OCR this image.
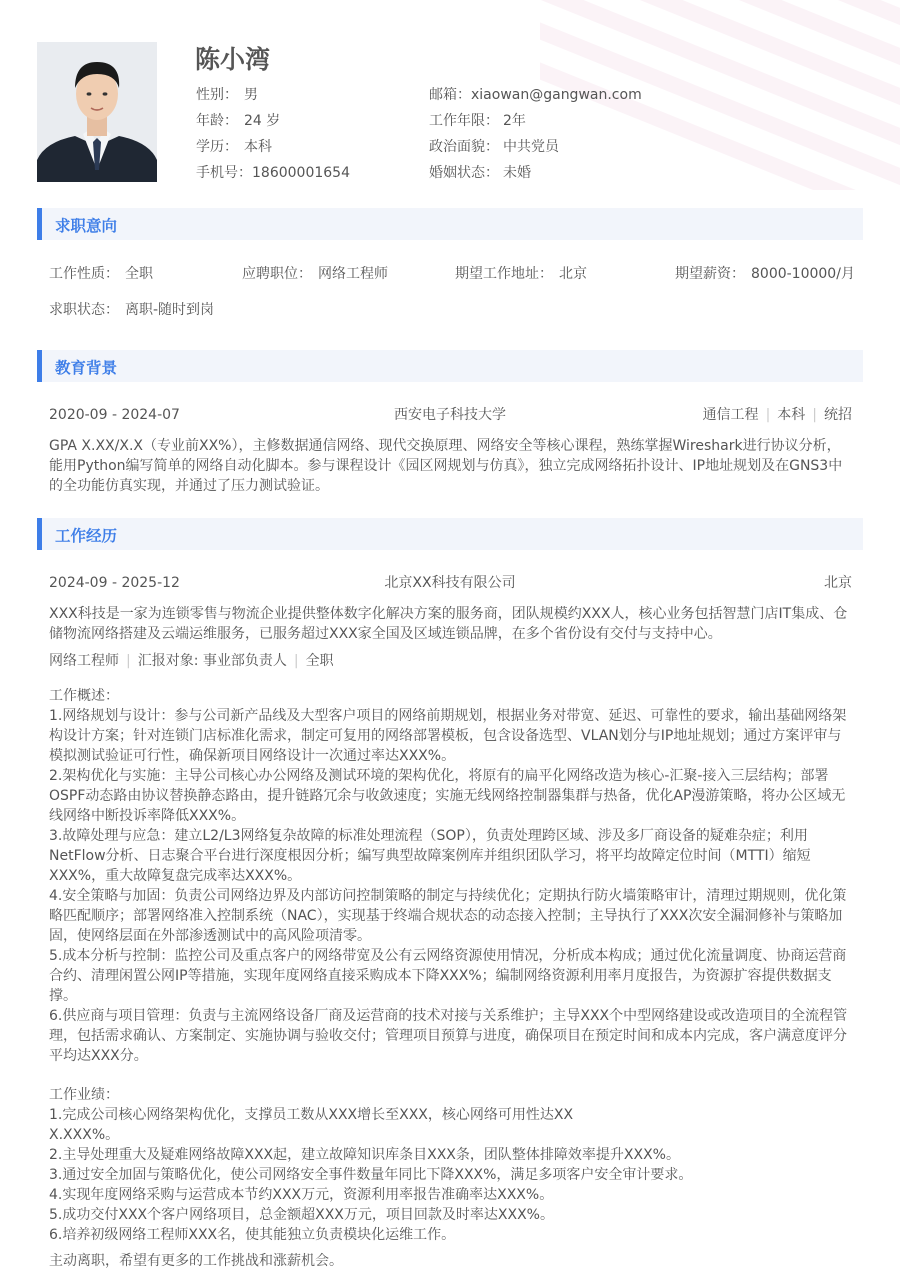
陈小湾
性别： 男	邮箱：xiaowan@gangwan.com
年龄： 24 岁	工作年限： 2年
学历： 本科	政治面貌： 中共党员
手机号：18600001654	婚姻状态： 未婚
求职意向
工作性质： 全职	应聘职位： 网络工程师	期望工作地址： 北京	期望薪资： 8000-10000/月
求职状态： 离职-随时到岗
教育背景
2020-09 - 2024-07	西安电子科技大学	通信工程 | 本科 | 统招
GPA X.XX/X.X（专业前XX%），主修数据通信网络、现代交换原理、网络安全等核心课程，熟练掌握Wireshark进行协议分析，能用Python编写简单的网络自动化脚本。参与课程设计《园区网规划与仿真》，独立完成网络拓扑设计、IP地址规划及在GNS3中的全功能仿真实现，并通过了压力测试验证。
工作经历
2024-09 - 2025-12	北京XX科技有限公司	北京
XXX科技是一家为连锁零售与物流企业提供整体数字化解决方案的服务商，团队规模约XXX人，核心业务包括智慧门店IT集成、仓储物流网络搭建及云端运维服务，已服务超过XXX家全国及区域连锁品牌，在多个省份设有交付与支持中心。
网络工程师 | 汇报对象: 事业部负责人 | 全职
工作概述：
1.网络规划与设计：参与公司新产品线及大型客户项目的网络前期规划，根据业务对带宽、延迟、可靠性的要求，输出基础网络架构设计方案；针对连锁门店标准化需求，制定可复用的网络部署模板，包含设备选型、VLAN划分与IP地址规划；通过方案评审与模拟测试验证可行性，确保新项目网络设计一次通过率达XXX%。
2.架构优化与实施：主导公司核心办公网络及测试环境的架构优化，将原有的扁平化网络改造为核心-汇聚-接入三层结构；部署OSPF动态路由协议替换静态路由，提升链路冗余与收敛速度；实施无线网络控制器集群与热备，优化AP漫游策略，将办公区域无线网络中断投诉率降低XXX%。
3.故障处理与应急：建立L2/L3网络复杂故障的标准处理流程（SOP），负责处理跨区域、涉及多厂商设备的疑难杂症；利用NetFlow分析、日志聚合平台进行深度根因分析；编写典型故障案例库并组织团队学习，将平均故障定位时间（MTTI）缩短XXX%，重大故障复盘完成率达XXX%。
4.安全策略与加固：负责公司网络边界及内部访问控制策略的制定与持续优化；定期执行防火墙策略审计，清理过期规则，优化策略匹配顺序；部署网络准入控制系统（NAC），实现基于终端合规状态的动态接入控制；主导执行了XXX次安全漏洞修补与策略加固，使网络层面在外部渗透测试中的高风险项清零。
5.成本分析与控制：监控公司及重点客户的网络带宽及公有云网络资源使用情况，分析成本构成；通过优化流量调度、协商运营商合约、清理闲置公网IP等措施，实现年度网络直接采购成本下降XXX%；编制网络资源利用率月度报告，为资源扩容提供数据支撑。
6.供应商与项目管理：负责与主流网络设备厂商及运营商的技术对接与关系维护；主导XXX个中型网络建设或改造项目的全流程管理，包括需求确认、方案制定、实施协调与验收交付；管理项目预算与进度，确保项目在预定时间和成本内完成，客户满意度评分平均达XXX分。
工作业绩：
1.完成公司核心网络架构优化，支撑员工数从XXX增长至XXX，核心网络可用性达XX
X.XXX%。
2.主导处理重大及疑难网络故障XXX起，建立故障知识库条目XXX条，团队整体排障效率提升XXX%。
3.通过安全加固与策略优化，使公司网络安全事件数量年同比下降XXX%，满足多项客户安全审计要求。
4.实现年度网络采购与运营成本节约XXX万元，资源利用率报告准确率达XXX%。
5.成功交付XXX个客户网络项目，总金额超XXX万元，项目回款及时率达XXX%。
6.培养初级网络工程师XXX名，使其能独立负责模块化运维工作。
主动离职，希望有更多的工作挑战和涨薪机会。
